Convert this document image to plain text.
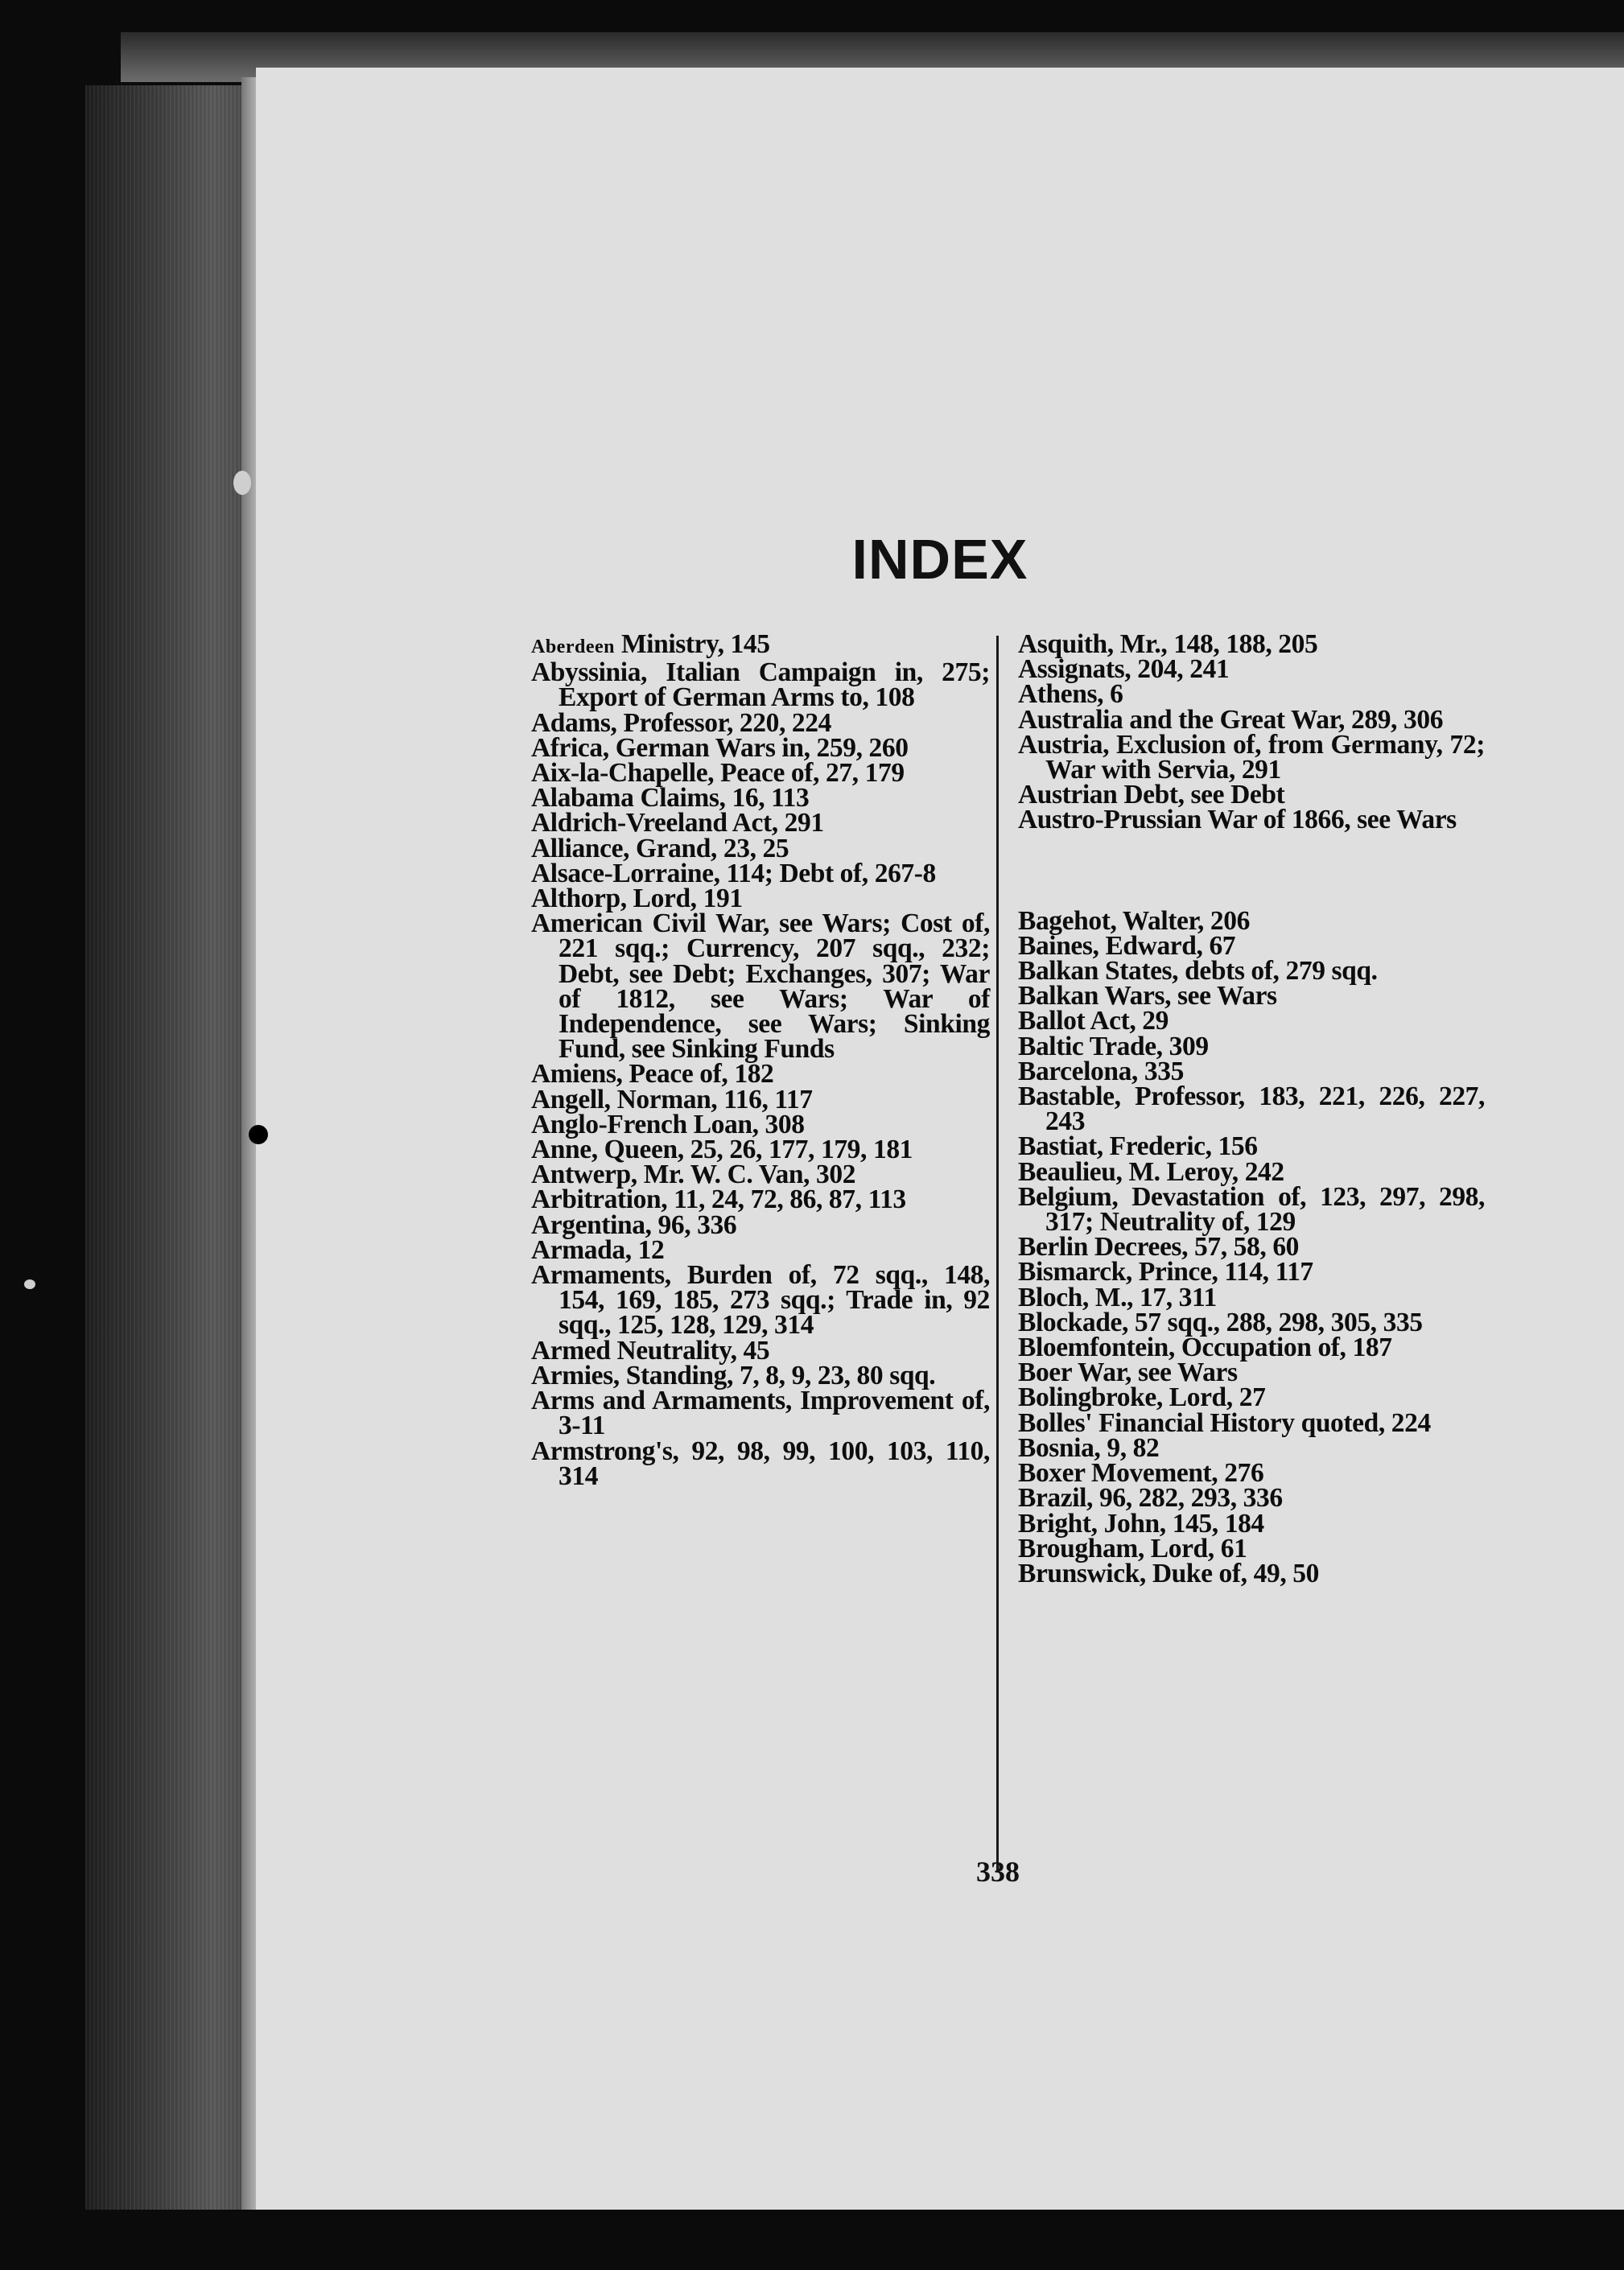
INDEX
Aberdeen Ministry, 145
Abyssinia, Italian Campaign in, 275; Export of German Arms to, 108
Adams, Professor, 220, 224
Africa, German Wars in, 259, 260
Aix-la-Chapelle, Peace of, 27, 179
Alabama Claims, 16, 113
Aldrich-Vreeland Act, 291
Alliance, Grand, 23, 25
Alsace-Lorraine, 114; Debt of, 267-8
Althorp, Lord, 191
American Civil War, see Wars; Cost of, 221 sqq.; Currency, 207 sqq., 232; Debt, see Debt; Exchanges, 307; War of 1812, see Wars; War of Independence, see Wars; Sinking Fund, see Sinking Funds
Amiens, Peace of, 182
Angell, Norman, 116, 117
Anglo-French Loan, 308
Anne, Queen, 25, 26, 177, 179, 181
Antwerp, Mr. W. C. Van, 302
Arbitration, 11, 24, 72, 86, 87, 113
Argentina, 96, 336
Armada, 12
Armaments, Burden of, 72 sqq., 148, 154, 169, 185, 273 sqq.; Trade in, 92 sqq., 125, 128, 129, 314
Armed Neutrality, 45
Armies, Standing, 7, 8, 9, 23, 80 sqq.
Arms and Armaments, Improvement of, 3-11
Armstrong's, 92, 98, 99, 100, 103, 110, 314
Asquith, Mr., 148, 188, 205
Assignats, 204, 241
Athens, 6
Australia and the Great War, 289, 306
Austria, Exclusion of, from Germany, 72; War with Servia, 291
Austrian Debt, see Debt
Austro-Prussian War of 1866, see Wars
Bagehot, Walter, 206
Baines, Edward, 67
Balkan States, debts of, 279 sqq.
Balkan Wars, see Wars
Ballot Act, 29
Baltic Trade, 309
Barcelona, 335
Bastable, Professor, 183, 221, 226, 227, 243
Bastiat, Frederic, 156
Beaulieu, M. Leroy, 242
Belgium, Devastation of, 123, 297, 298, 317; Neutrality of, 129
Berlin Decrees, 57, 58, 60
Bismarck, Prince, 114, 117
Bloch, M., 17, 311
Blockade, 57 sqq., 288, 298, 305, 335
Bloemfontein, Occupation of, 187
Boer War, see Wars
Bolingbroke, Lord, 27
Bolles' Financial History quoted, 224
Bosnia, 9, 82
Boxer Movement, 276
Brazil, 96, 282, 293, 336
Bright, John, 145, 184
Brougham, Lord, 61
Brunswick, Duke of, 49, 50
338
